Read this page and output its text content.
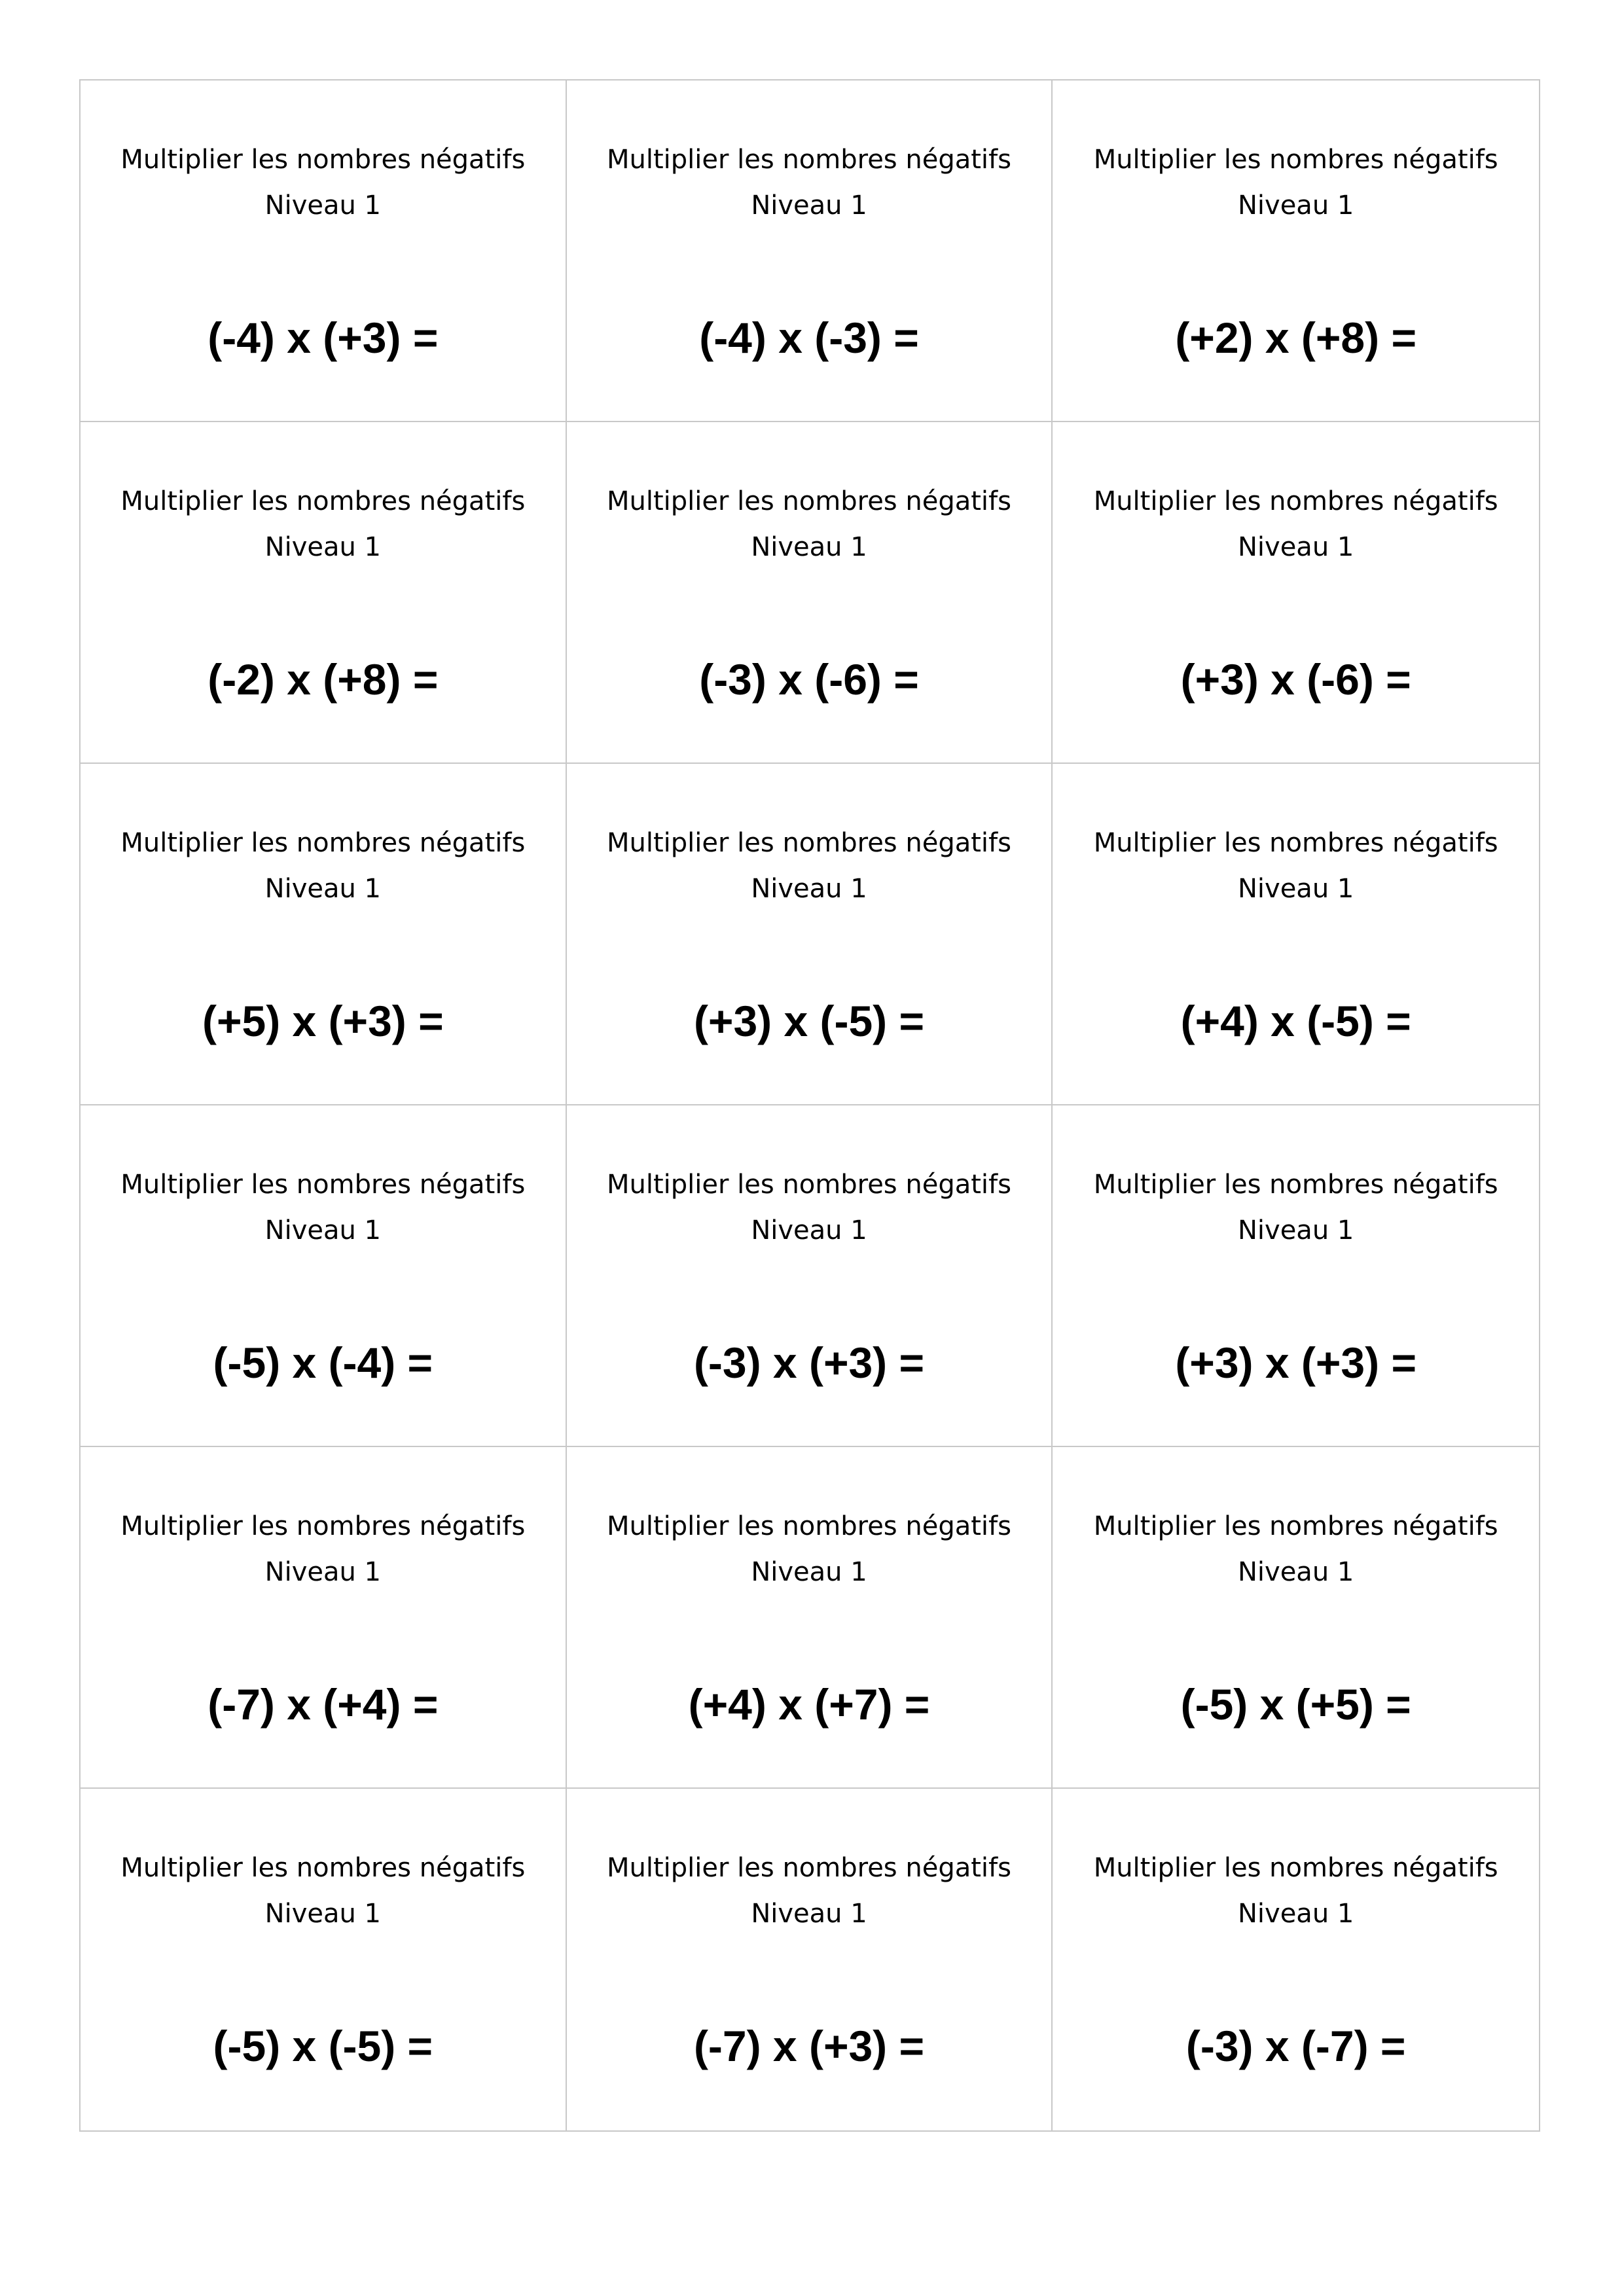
Multiplier les nombres négatifs
Niveau 1
(-4) x (+3) =
Multiplier les nombres négatifs
Niveau 1
(-4) x (-3) =
Multiplier les nombres négatifs
Niveau 1
(+2) x (+8) =
Multiplier les nombres négatifs
Niveau 1
(-2) x (+8) =
Multiplier les nombres négatifs
Niveau 1
(-3) x (-6) =
Multiplier les nombres négatifs
Niveau 1
(+3) x (-6) =
Multiplier les nombres négatifs
Niveau 1
(+5) x (+3) =
Multiplier les nombres négatifs
Niveau 1
(+3) x (-5) =
Multiplier les nombres négatifs
Niveau 1
(+4) x (-5) =
Multiplier les nombres négatifs
Niveau 1
(-5) x (-4) =
Multiplier les nombres négatifs
Niveau 1
(-3) x (+3) =
Multiplier les nombres négatifs
Niveau 1
(+3) x (+3) =
Multiplier les nombres négatifs
Niveau 1
(-7) x (+4) =
Multiplier les nombres négatifs
Niveau 1
(+4) x (+7) =
Multiplier les nombres négatifs
Niveau 1
(-5) x (+5) =
Multiplier les nombres négatifs
Niveau 1
(-5) x (-5) =
Multiplier les nombres négatifs
Niveau 1
(-7) x (+3) =
Multiplier les nombres négatifs
Niveau 1
(-3) x (-7) =
